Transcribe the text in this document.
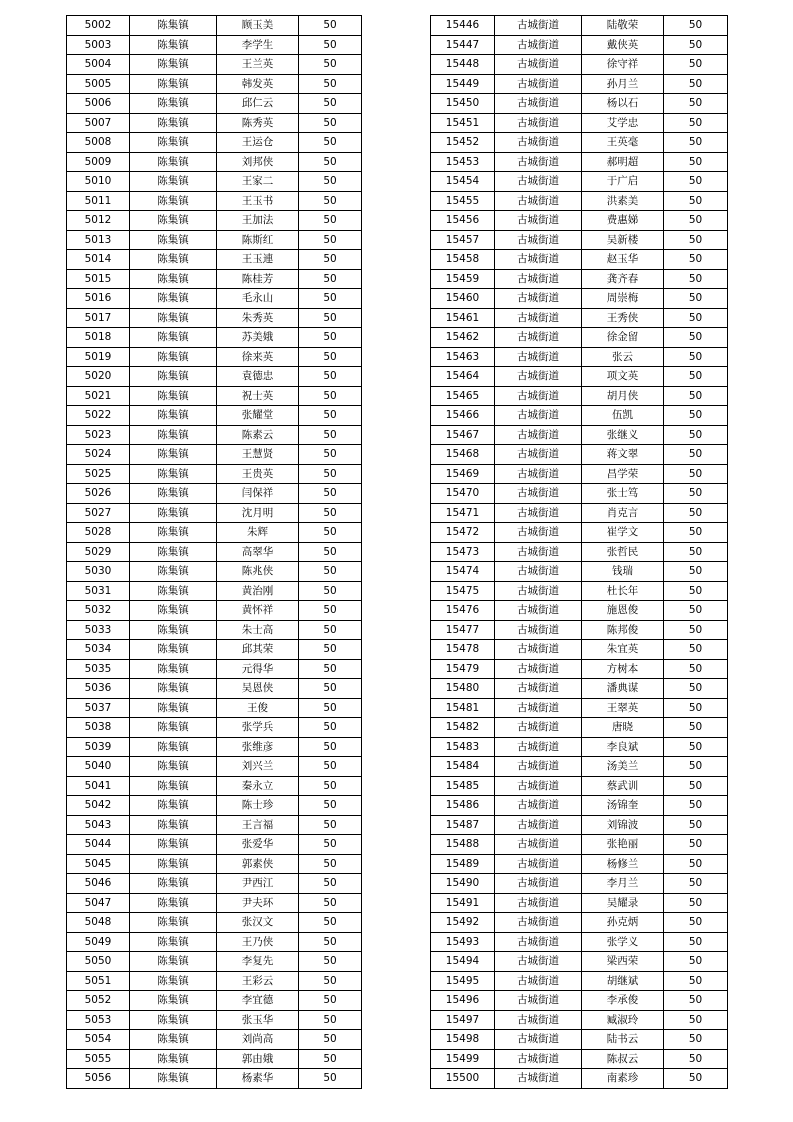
5002	陈集镇	顾玉美	50
5003	陈集镇	李学生	50
5004	陈集镇	王兰英	50
5005	陈集镇	韩发英	50
5006	陈集镇	邱仁云	50
5007	陈集镇	陈秀英	50
5008	陈集镇	王运仓	50
5009	陈集镇	刘邦侠	50
5010	陈集镇	王家二	50
5011	陈集镇	王玉书	50
5012	陈集镇	王加法	50
5013	陈集镇	陈斯红	50
5014	陈集镇	王玉連	50
5015	陈集镇	陈桂芳	50
5016	陈集镇	毛永山	50
5017	陈集镇	朱秀英	50
5018	陈集镇	苏美娥	50
5019	陈集镇	徐来英	50
5020	陈集镇	袁德忠	50
5021	陈集镇	祝士英	50
5022	陈集镇	张耀堂	50
5023	陈集镇	陈素云	50
5024	陈集镇	王慧贤	50
5025	陈集镇	王贵英	50
5026	陈集镇	闫保祥	50
5027	陈集镇	沈月明	50
5028	陈集镇	朱辉	50
5029	陈集镇	高翠华	50
5030	陈集镇	陈兆侠	50
5031	陈集镇	黄治刚	50
5032	陈集镇	黄怀祥	50
5033	陈集镇	朱士高	50
5034	陈集镇	邱其荣	50
5035	陈集镇	元得华	50
5036	陈集镇	吴恩侠	50
5037	陈集镇	王俊	50
5038	陈集镇	张学兵	50
5039	陈集镇	张维彦	50
5040	陈集镇	刘兴兰	50
5041	陈集镇	秦永立	50
5042	陈集镇	陈士珍	50
5043	陈集镇	王言福	50
5044	陈集镇	张爱华	50
5045	陈集镇	郭素侠	50
5046	陈集镇	尹西江	50
5047	陈集镇	尹夫环	50
5048	陈集镇	张汉文	50
5049	陈集镇	王乃侠	50
5050	陈集镇	李复先	50
5051	陈集镇	王彩云	50
5052	陈集镇	李宜德	50
5053	陈集镇	张玉华	50
5054	陈集镇	刘尚高	50
5055	陈集镇	郭由娥	50
5056	陈集镇	杨素华	50
15446	古城街道	陆敬荣	50
15447	古城街道	戴侠英	50
15448	古城街道	徐守祥	50
15449	古城街道	孙月兰	50
15450	古城街道	杨以石	50
15451	古城街道	艾学忠	50
15452	古城街道	王英毫	50
15453	古城街道	郝明超	50
15454	古城街道	于广启	50
15455	古城街道	洪素美	50
15456	古城街道	费惠娣	50
15457	古城街道	吴新楼	50
15458	古城街道	赵玉华	50
15459	古城街道	龚齐春	50
15460	古城街道	周崇梅	50
15461	古城街道	王秀侠	50
15462	古城街道	徐金留	50
15463	古城街道	张云	50
15464	古城街道	项文英	50
15465	古城街道	胡月侠	50
15466	古城街道	伍凯	50
15467	古城街道	张继义	50
15468	古城街道	蒋文翠	50
15469	古城街道	昌学荣	50
15470	古城街道	张士笃	50
15471	古城街道	肖克言	50
15472	古城街道	崔学文	50
15473	古城街道	张哲民	50
15474	古城街道	钱瑞	50
15475	古城街道	杜长年	50
15476	古城街道	施恩俊	50
15477	古城街道	陈邦俊	50
15478	古城街道	朱宜英	50
15479	古城街道	方树本	50
15480	古城街道	潘典谋	50
15481	古城街道	王翠英	50
15482	古城街道	唐晓	50
15483	古城街道	李良斌	50
15484	古城街道	汤美兰	50
15485	古城街道	蔡武训	50
15486	古城街道	汤锦奎	50
15487	古城街道	刘锦波	50
15488	古城街道	张艳丽	50
15489	古城街道	杨修兰	50
15490	古城街道	李月兰	50
15491	古城街道	吴耀录	50
15492	古城街道	孙克炳	50
15493	古城街道	张学义	50
15494	古城街道	梁西荣	50
15495	古城街道	胡继斌	50
15496	古城街道	李承俊	50
15497	古城街道	臧淑玲	50
15498	古城街道	陆书云	50
15499	古城街道	陈叔云	50
15500	古城街道	南素珍	50
